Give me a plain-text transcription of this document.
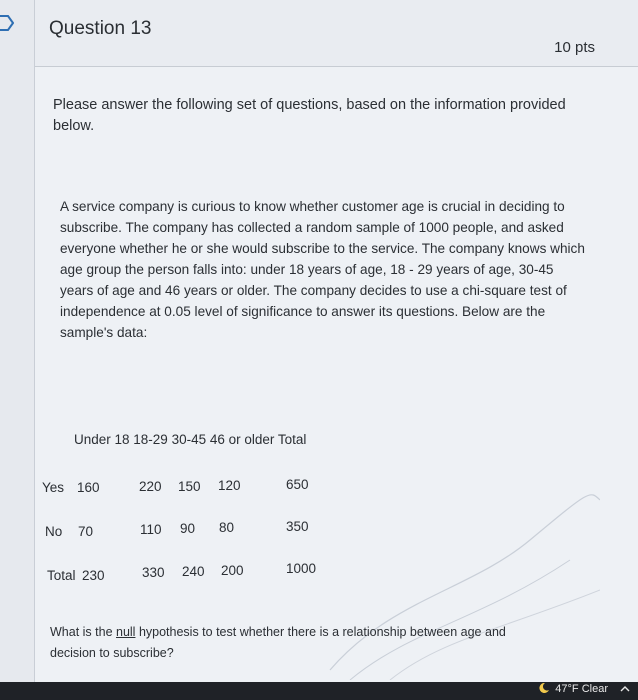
Question 13
10 pts
Please answer the following set of questions, based on the information provided below.
A service company is curious to know whether customer age is crucial in deciding to subscribe. The company has collected a random sample of 1000 people, and asked everyone whether he or she would subscribe to the service. The company knows which age group the person falls into: under 18 years of age, 18 - 29 years of age, 30-45 years of age and 46 years or older. The company decides to use a chi-square test of independence at 0.05 level of significance to answer its questions. Below are the sample's data:
Under 18 18-29 30-45 46 or older Total
Yes 160	220 150 120	650
No 70	110 90 80	350
Total 230	330 240 200	1000
What is the null hypothesis to test whether there is a relationship between age and decision to subscribe?
47°F Clear
